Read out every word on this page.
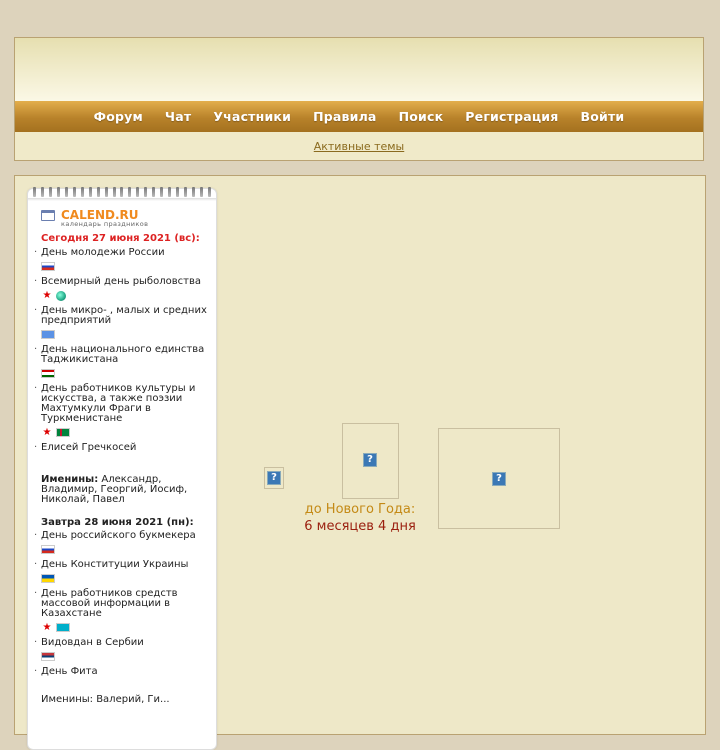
Форум Чат Участники Правила Поиск Регистрация Войти
Активные темы
CALEND.RU
календарь праздников
Сегодня 27 июня 2021 (вс):
· День молодежи России
· Всемирный день рыболовства
★
· День микро- , малых и средних предприятий
· День национального единства Таджикистана
· День работников культуры и искусства, а также поэзии Махтумкули Фраги в Туркменистане
★
· Елисей Гречкосей
Именины: Александр, Владимир, Георгий, Иосиф, Николай, Павел
Завтра 28 июня 2021 (пн):
· День российского букмекера
· День Конституции Украины
· День работников средств массовой информации в Казахстане
★
· Видовдан в Сербии
· День Фита
Именины: Валерий, Ги...
?
?
?
до Нового Года:
6 месяцев 4 дня
